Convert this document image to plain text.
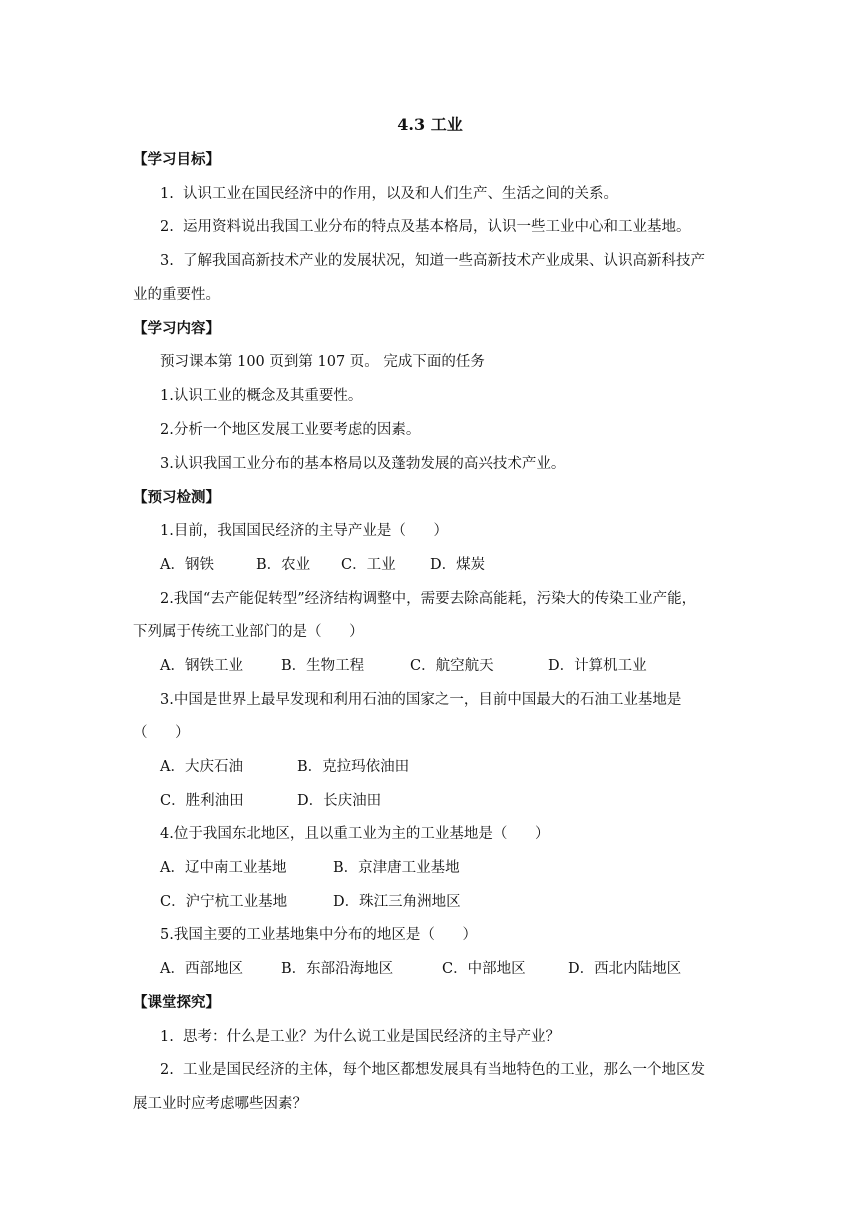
4.3 工业
【学习目标】
1.  认识工业在国民经济中的作用，以及和人们生产、生活之间的关系。
2.  运用资料说出我国工业分布的特点及基本格局，认识一些工业中心和工业基地。
3.  了解我国高新技术产业的发展状况，知道一些高新技术产业成果、认识高新科技产
业的重要性。
【学习内容】
预习课本第 100 页到第 107 页。 完成下面的任务
1.认识工业的概念及其重要性。
2.分析一个地区发展工业要考虑的因素。
3.认识我国工业分布的基本格局以及蓬勃发展的高兴技术产业。
【预习检测】
1.目前，我国国民经济的主导产业是（      ）
A．钢铁	B．农业 C．工业 D．煤炭
2.我国“去产能促转型”经济结构调整中，需要去除高能耗，污染大的传染工业产能，
下列属于传统工业部门的是（      ）
A．钢铁工业	B．生物工程	C．航空航天	D．计算机工业
3.中国是世界上最早发现和利用石油的国家之一，目前中国最大的石油工业基地是
（      ）
A．大庆石油	B．克拉玛依油田
C．胜利油田	D．长庆油田
4.位于我国东北地区，且以重工业为主的工业基地是（      ）
A．辽中南工业基地	B．京津唐工业基地
C．沪宁杭工业基地	D．珠江三角洲地区
5.我国主要的工业基地集中分布的地区是（      ）
A．西部地区	B．东部沿海地区	C．中部地区	D．西北内陆地区
【课堂探究】
1.  思考：什么是工业？为什么说工业是国民经济的主导产业？
2.  工业是国民经济的主体，每个地区都想发展具有当地特色的工业，那么一个地区发
展工业时应考虑哪些因素？
